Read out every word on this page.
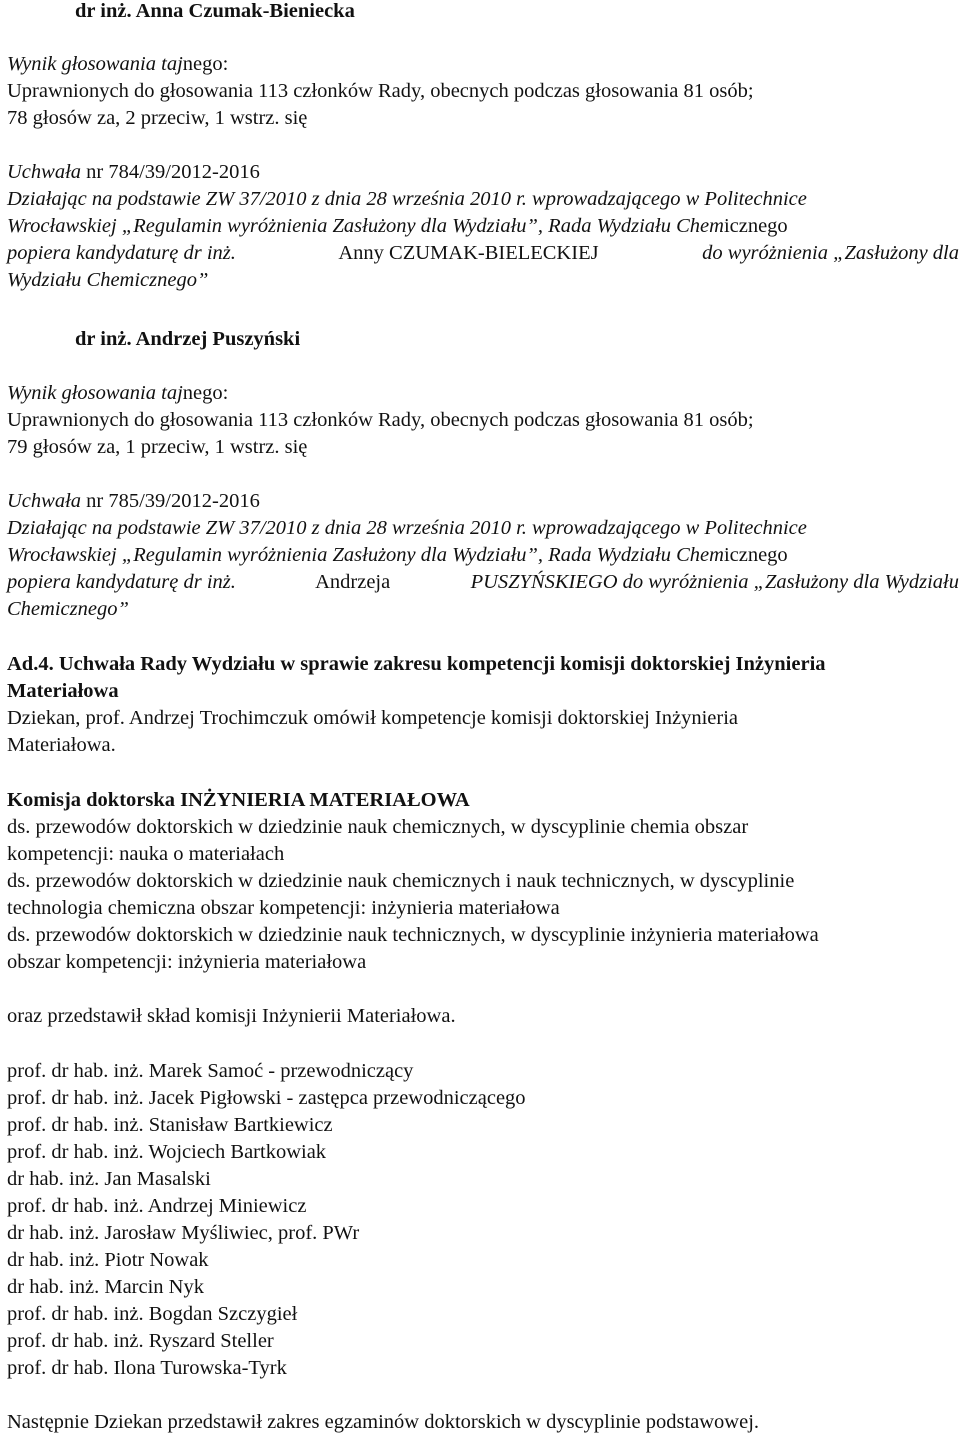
dr inż. Anna Czumak-Bieniecka
Wynik głosowania tajnego:
Uprawnionych do głosowania 113 członków Rady, obecnych podczas głosowania 81 osób;
78 głosów za, 2 przeciw, 1 wstrz. się
Uchwała nr 784/39/2012-2016
Działając na podstawie ZW 37/2010 z dnia 28 września 2010 r. wprowadzającego w Politechnice
Wrocławskiej „Regulamin wyróżnienia Zasłużony dla Wydziału”, Rada Wydziału Chemicznego
popiera kandydaturę dr inż.	Anny CZUMAK-BIELECKIEJ	do wyróżnienia „Zasłużony dla
Wydziału Chemicznego”
dr inż. Andrzej Puszyński
Wynik głosowania tajnego:
Uprawnionych do głosowania 113 członków Rady, obecnych podczas głosowania 81 osób;
79 głosów za, 1 przeciw, 1 wstrz. się
Uchwała nr 785/39/2012-2016
Działając na podstawie ZW 37/2010 z dnia 28 września 2010 r. wprowadzającego w Politechnice
Wrocławskiej „Regulamin wyróżnienia Zasłużony dla Wydziału”, Rada Wydziału Chemicznego
popiera kandydaturę dr inż.	Andrzeja	PUSZYŃSKIEGO do wyróżnienia „Zasłużony dla Wydziału
Chemicznego”
Ad.4. Uchwała Rady Wydziału w sprawie zakresu kompetencji komisji doktorskiej Inżynieria
Materiałowa
Dziekan, prof. Andrzej Trochimczuk omówił kompetencje komisji doktorskiej Inżynieria
Materiałowa.
Komisja doktorska INŻYNIERIA MATERIAŁOWA
ds. przewodów doktorskich w dziedzinie nauk chemicznych, w dyscyplinie chemia obszar
kompetencji: nauka o materiałach
ds. przewodów doktorskich w dziedzinie nauk chemicznych i nauk technicznych, w dyscyplinie
technologia chemiczna obszar kompetencji: inżynieria materiałowa
ds. przewodów doktorskich w dziedzinie nauk technicznych, w dyscyplinie inżynieria materiałowa
obszar kompetencji: inżynieria materiałowa
oraz przedstawił skład komisji Inżynierii Materiałowa.
prof. dr hab. inż. Marek Samoć - przewodniczący
prof. dr hab. inż. Jacek Pigłowski - zastępca przewodniczącego
prof. dr hab. inż. Stanisław Bartkiewicz
prof. dr hab. inż. Wojciech Bartkowiak
dr hab. inż. Jan Masalski
prof. dr hab. inż. Andrzej Miniewicz
dr hab. inż. Jarosław Myśliwiec, prof. PWr
dr hab. inż. Piotr Nowak
dr hab. inż. Marcin Nyk
prof. dr hab. inż. Bogdan Szczygieł
prof. dr hab. inż. Ryszard Steller
prof. dr hab. Ilona Turowska-Tyrk
Następnie Dziekan przedstawił zakres egzaminów doktorskich w dyscyplinie podstawowej.
